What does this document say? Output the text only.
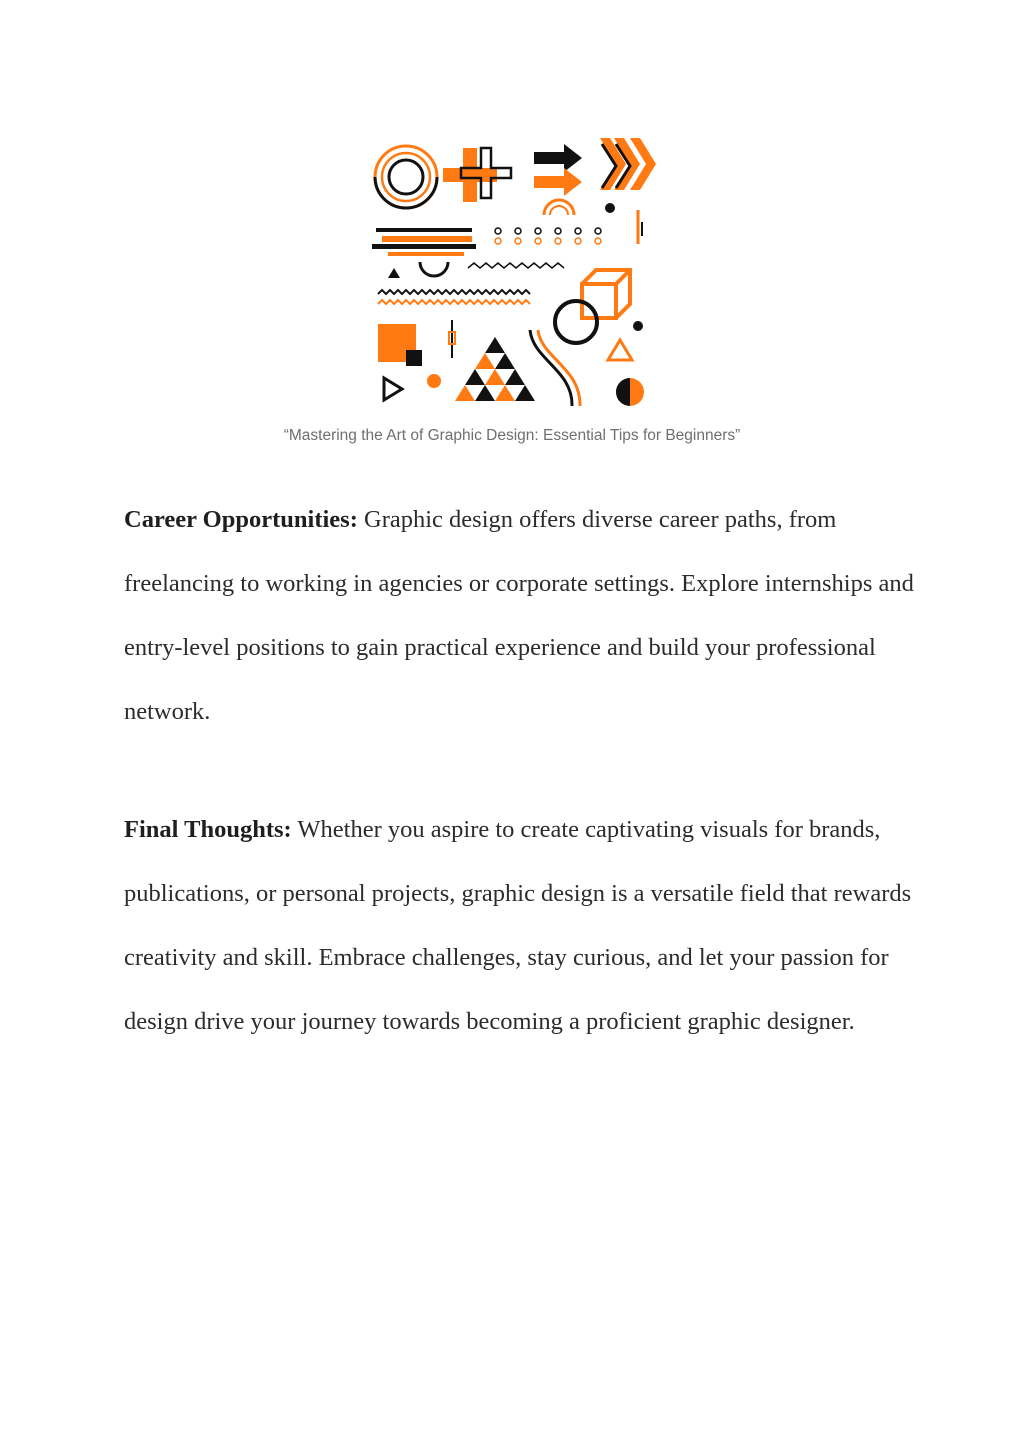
“Mastering the Art of Graphic Design: Essential Tips for Beginners”

Career Opportunities: Graphic design offers diverse career paths, from freelancing to working in agencies or corporate settings. Explore internships and entry-level positions to gain practical experience and build your professional network.

Final Thoughts: Whether you aspire to create captivating visuals for brands, publications, or personal projects, graphic design is a versatile field that rewards creativity and skill. Embrace challenges, stay curious, and let your passion for design drive your journey towards becoming a proficient graphic designer.
